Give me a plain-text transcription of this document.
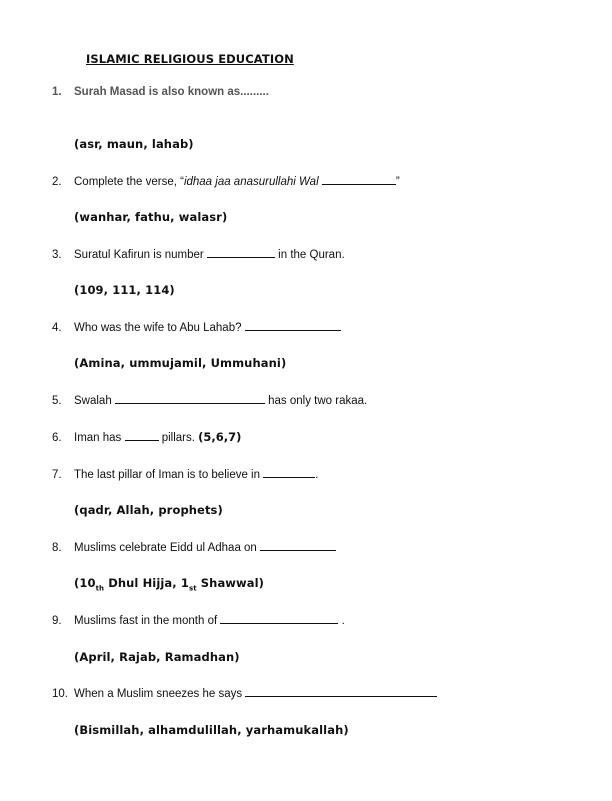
ISLAMIC RELIGIOUS EDUCATION
1. Surah Masad is also known as.........
(asr, maun, lahab)
2. Complete the verse, “idhaa jaa anasurullahi Wal	”
(wanhar, fathu, walasr)
3. Suratul Kafirun is number	in the Quran.
(109, 111, 114)
4. Who was the wife to Abu Lahab?
(Amina, ummujamil, Ummuhani)
5. Swalah	has only two rakaa.
6. Iman has	pillars. (5,6,7)
7. The last pillar of Iman is to believe in	.
(qadr, Allah, prophets)
8. Muslims celebrate Eidd ul Adhaa on
($10_{th}$ Dhul Hijja, $1_{st}$ Shawwal)
9. Muslims fast in the month of	.
(April, Rajab, Ramadhan)
10. When a Muslim sneezes he says
(Bismillah, alhamdulillah, yarhamukallah)
